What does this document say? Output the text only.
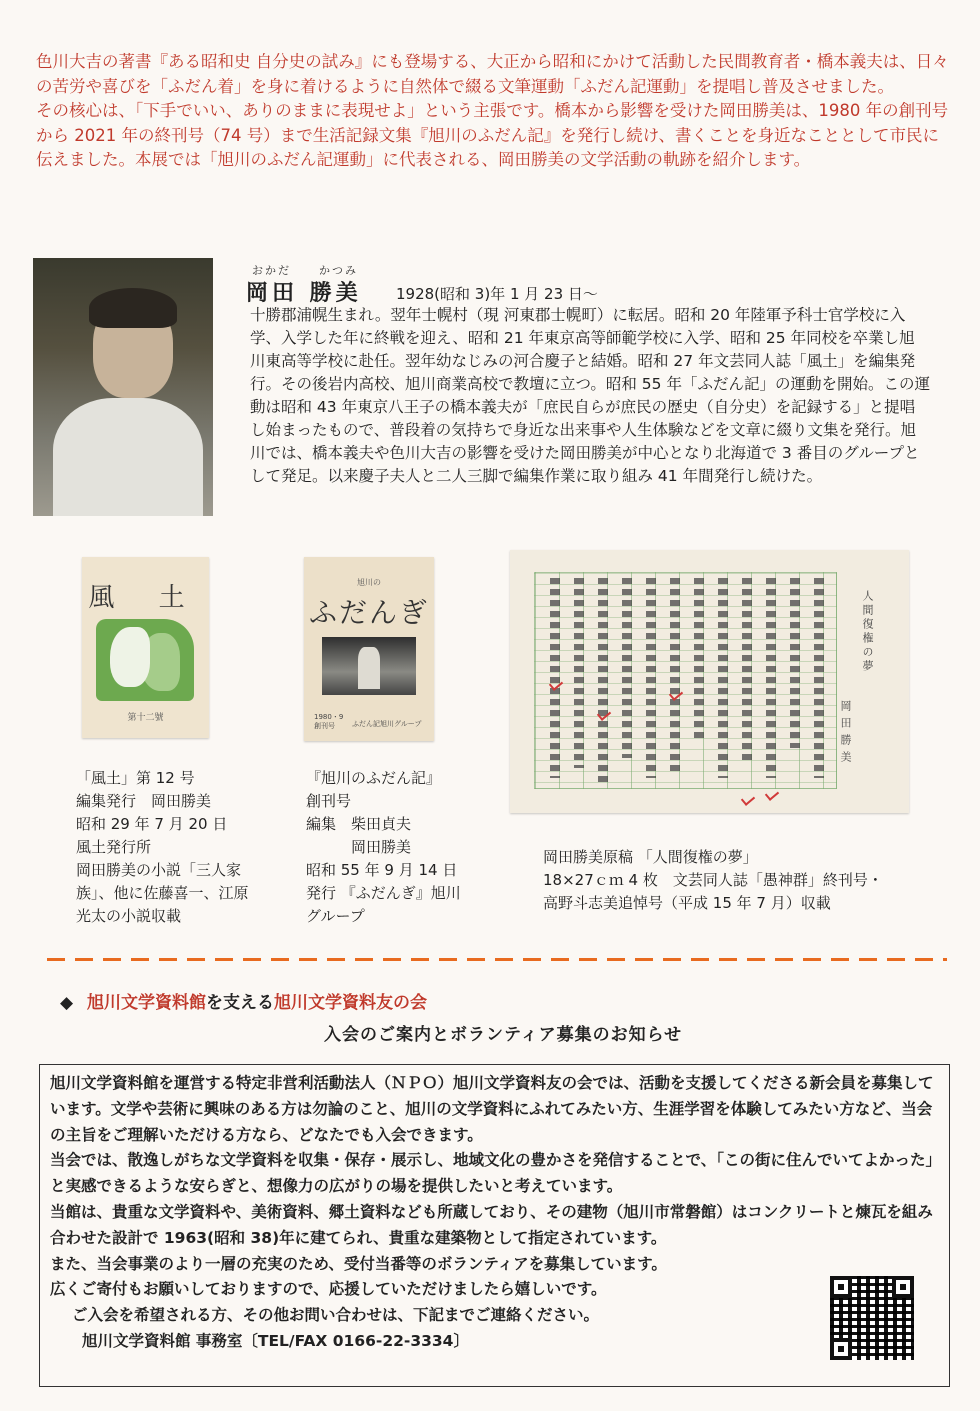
色川大吉の著書『ある昭和史 自分史の試み』にも登場する、大正から昭和にかけて活動した民間教育者・橋本義夫は、日々の苦労や喜びを「ふだん着」を身に着けるように自然体で綴る文筆運動「ふだん記運動」を提唱し普及させました。

その核心は、「下手でいい、ありのままに表現せよ」という主張です。橋本から影響を受けた岡田勝美は、1980 年の創刊号から 2021 年の終刊号（74 号）まで生活記録文集『旭川のふだん記』を発行し続け、書くことを身近なこととして市民に伝えました。本展では「旭川のふだん記運動」に代表される、岡田勝美の文学活動の軌跡を紹介します。

おかだ	かつみ
岡田 勝美 1928(昭和 3)年 1 月 23 日〜

十勝郡浦幌生まれ。翌年士幌村（現 河東郡士幌町）に転居。昭和 20 年陸軍予科士官学校に入学、入学した年に終戦を迎え、昭和 21 年東京高等師範学校に入学、昭和 25 年同校を卒業し旭川東高等学校に赴任。翌年幼なじみの河合慶子と結婚。昭和 27 年文芸同人誌「風土」を編集発行。その後岩内高校、旭川商業高校で教壇に立つ。昭和 55 年「ふだん記」の運動を開始。この運動は昭和 43 年東京八王子の橋本義夫が「庶民自らが庶民の歴史（自分史）を記録する」と提唱し始まったもので、普段着の気持ちで身近な出来事や人生体験などを文章に綴り文集を発行。旭川では、橋本義夫や色川大吉の影響を受けた岡田勝美が中心となり北海道で 3 番目のグループとして発足。以来慶子夫人と二人三脚で編集作業に取り組み 41 年間発行し続けた。

風 土
第十二號
旭川の
ふだんぎ
1980・9
創刊号	ふだん記旭川グループ
人間復権の夢
岡田勝美
「風土」第 12 号
編集発行　岡田勝美
昭和 29 年 7 月 20 日
風土発行所
岡田勝美の小説「三人家
族」、他に佐藤喜一、江原
光太の小説収載
『旭川のふだん記』
創刊号
編集　柴田貞夫
　　　岡田勝美
昭和 55 年 9 月 14 日
発行 『ふだんぎ』旭川
グループ
岡田勝美原稿 「人間復権の夢」
18×27ｃｍ 4 枚　文芸同人誌「愚神群」終刊号・
高野斗志美追悼号（平成 15 年 7 月）収載
◆ 旭川文学資料館を支える旭川文学資料友の会
入会のご案内とボランティア募集のお知らせ

旭川文学資料館を運営する特定非営利活動法人（ＮＰＯ）旭川文学資料友の会では、活動を支援してくださる新会員を募集しています。文学や芸術に興味のある方は勿論のこと、旭川の文学資料にふれてみたい方、生涯学習を体験してみたい方など、当会の主旨をご理解いただける方なら、どなたでも入会できます。

当会では、散逸しがちな文学資料を収集・保存・展示し、地域文化の豊かさを発信することで、「この街に住んでいてよかった」と実感できるような安らぎと、想像力の広がりの場を提供したいと考えています。

当館は、貴重な文学資料や、美術資料、郷土資料なども所蔵しており、その建物（旭川市常磐館）はコンクリートと煉瓦を組み合わせた設計で 1963(昭和 38)年に建てられ、貴重な建築物として指定されています。

また、当会事業のより一層の充実のため、受付当番等のボランティアを募集しています。

広くご寄付もお願いしておりますので、応援していただけましたら嬉しいです。

ご入会を希望される方、その他お問い合わせは、下記までご連絡ください。

旭川文学資料館 事務室〔TEL/FAX 0166-22-3334〕
